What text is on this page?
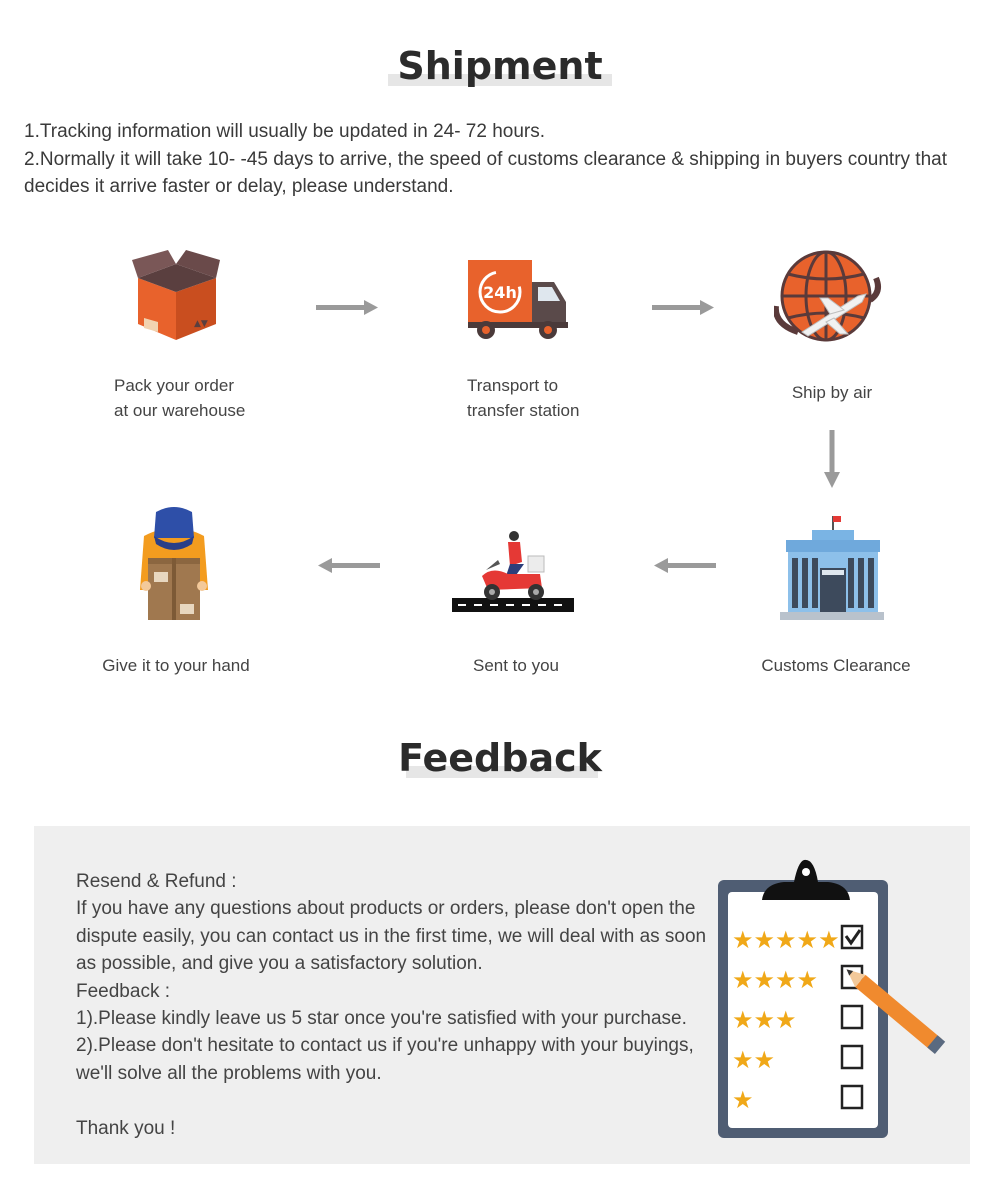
Shipment
1.Tracking information will usually be updated in 24- 72 hours.
2.Normally it will take 10- -45 days to arrive, the speed of customs clearance & shipping in buyers country that
decides it arrive faster or delay, please understand.
▲▼
Pack your order
at our warehouse
24h
Transport to
transfer station
Ship by air
Customs Clearance
Sent to you
Give it to your hand
Feedback
Resend & Refund :
If you have any questions about products or orders, please don't open the
dispute easily, you can contact us in the first time, we will deal with as soon
as possible, and give you a satisfactory solution.
Feedback :
1).Please kindly leave us 5 star once you're satisfied with your purchase.
2).Please don't hesitate to contact us if you're unhappy with your buyings,
we'll solve all the problems with you.
Thank you !
★★★★★
★★★★
★★★
★★
★
